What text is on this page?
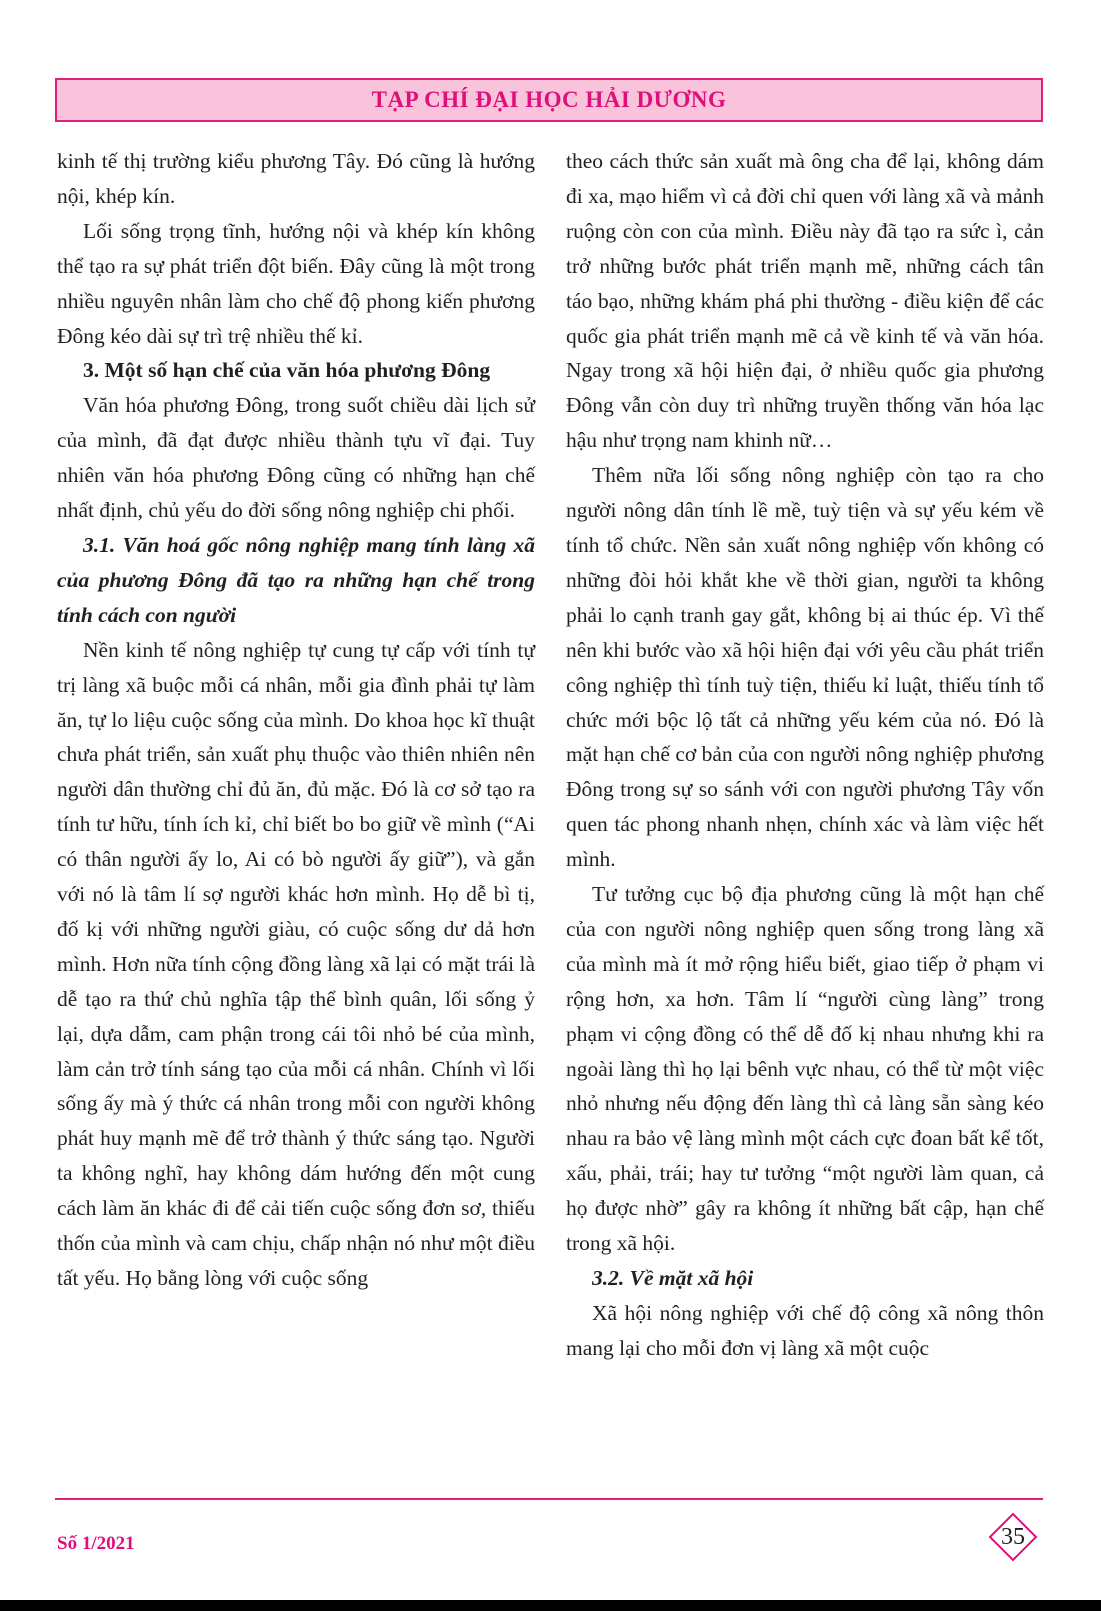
TẠP CHÍ ĐẠI HỌC HẢI DƯƠNG

kinh tế thị trường kiểu phương Tây. Đó cũng là hướng nội, khép kín.

Lối sống trọng tĩnh, hướng nội và khép kín không thể tạo ra sự phát triển đột biến. Đây cũng là một trong nhiều nguyên nhân làm cho chế độ phong kiến phương Đông kéo dài sự trì trệ nhiều thế kỉ.

3. Một số hạn chế của văn hóa phương Đông

Văn hóa phương Đông, trong suốt chiều dài lịch sử của mình, đã đạt được nhiều thành tựu vĩ đại. Tuy nhiên văn hóa phương Đông cũng có những hạn chế nhất định, chủ yếu do đời sống nông nghiệp chi phối.

3.1. Văn hoá gốc nông nghiệp mang tính làng xã của phương Đông đã tạo ra những hạn chế trong tính cách con người

Nền kinh tế nông nghiệp tự cung tự cấp với tính tự trị làng xã buộc mỗi cá nhân, mỗi gia đình phải tự làm ăn, tự lo liệu cuộc sống của mình. Do khoa học kĩ thuật chưa phát triển, sản xuất phụ thuộc vào thiên nhiên nên người dân thường chỉ đủ ăn, đủ mặc. Đó là cơ sở tạo ra tính tư hữu, tính ích kỉ, chỉ biết bo bo giữ về mình (“Ai có thân người ấy lo, Ai có bò người ấy giữ”), và gắn với nó là tâm lí sợ người khác hơn mình. Họ dễ bì tị, đố kị với những người giàu, có cuộc sống dư dả hơn mình. Hơn nữa tính cộng đồng làng xã lại có mặt trái là dễ tạo ra thứ chủ nghĩa tập thể bình quân, lối sống ỷ lại, dựa dẫm, cam phận trong cái tôi nhỏ bé của mình, làm cản trở tính sáng tạo của mỗi cá nhân. Chính vì lối sống ấy mà ý thức cá nhân trong mỗi con người không phát huy mạnh mẽ để trở thành ý thức sáng tạo. Người ta không nghĩ, hay không dám hướng đến một cung cách làm ăn khác đi để cải tiến cuộc sống đơn sơ, thiếu thốn của mình và cam chịu, chấp nhận nó như một điều tất yếu. Họ bằng lòng với cuộc sống

theo cách thức sản xuất mà ông cha để lại, không dám đi xa, mạo hiểm vì cả đời chỉ quen với làng xã và mảnh ruộng còn con của mình. Điều này đã tạo ra sức ì, cản trở những bước phát triển mạnh mẽ, những cách tân táo bạo, những khám phá phi thường - điều kiện để các quốc gia phát triển mạnh mẽ cả về kinh tế và văn hóa. Ngay trong xã hội hiện đại, ở nhiều quốc gia phương Đông vẫn còn duy trì những truyền thống văn hóa lạc hậu như trọng nam khinh nữ…

Thêm nữa lối sống nông nghiệp còn tạo ra cho người nông dân tính lề mề, tuỳ tiện và sự yếu kém về tính tổ chức. Nền sản xuất nông nghiệp vốn không có những đòi hỏi khắt khe về thời gian, người ta không phải lo cạnh tranh gay gắt, không bị ai thúc ép. Vì thế nên khi bước vào xã hội hiện đại với yêu cầu phát triển công nghiệp thì tính tuỳ tiện, thiếu kỉ luật, thiếu tính tổ chức mới bộc lộ tất cả những yếu kém của nó. Đó là mặt hạn chế cơ bản của con người nông nghiệp phương Đông trong sự so sánh với con người phương Tây vốn quen tác phong nhanh nhẹn, chính xác và làm việc hết mình.

Tư tưởng cục bộ địa phương cũng là một hạn chế của con người nông nghiệp quen sống trong làng xã của mình mà ít mở rộng hiểu biết, giao tiếp ở phạm vi rộng hơn, xa hơn. Tâm lí “người cùng làng” trong phạm vi cộng đồng có thể dễ đố kị nhau nhưng khi ra ngoài làng thì họ lại bênh vực nhau, có thể từ một việc nhỏ nhưng nếu động đến làng thì cả làng sẵn sàng kéo nhau ra bảo vệ làng mình một cách cực đoan bất kể tốt, xấu, phải, trái; hay tư tưởng “một người làm quan, cả họ được nhờ” gây ra không ít những bất cập, hạn chế trong xã hội.

3.2. Về mặt xã hội

Xã hội nông nghiệp với chế độ công xã nông thôn mang lại cho mỗi đơn vị làng xã một cuộc

Số 1/2021	35
